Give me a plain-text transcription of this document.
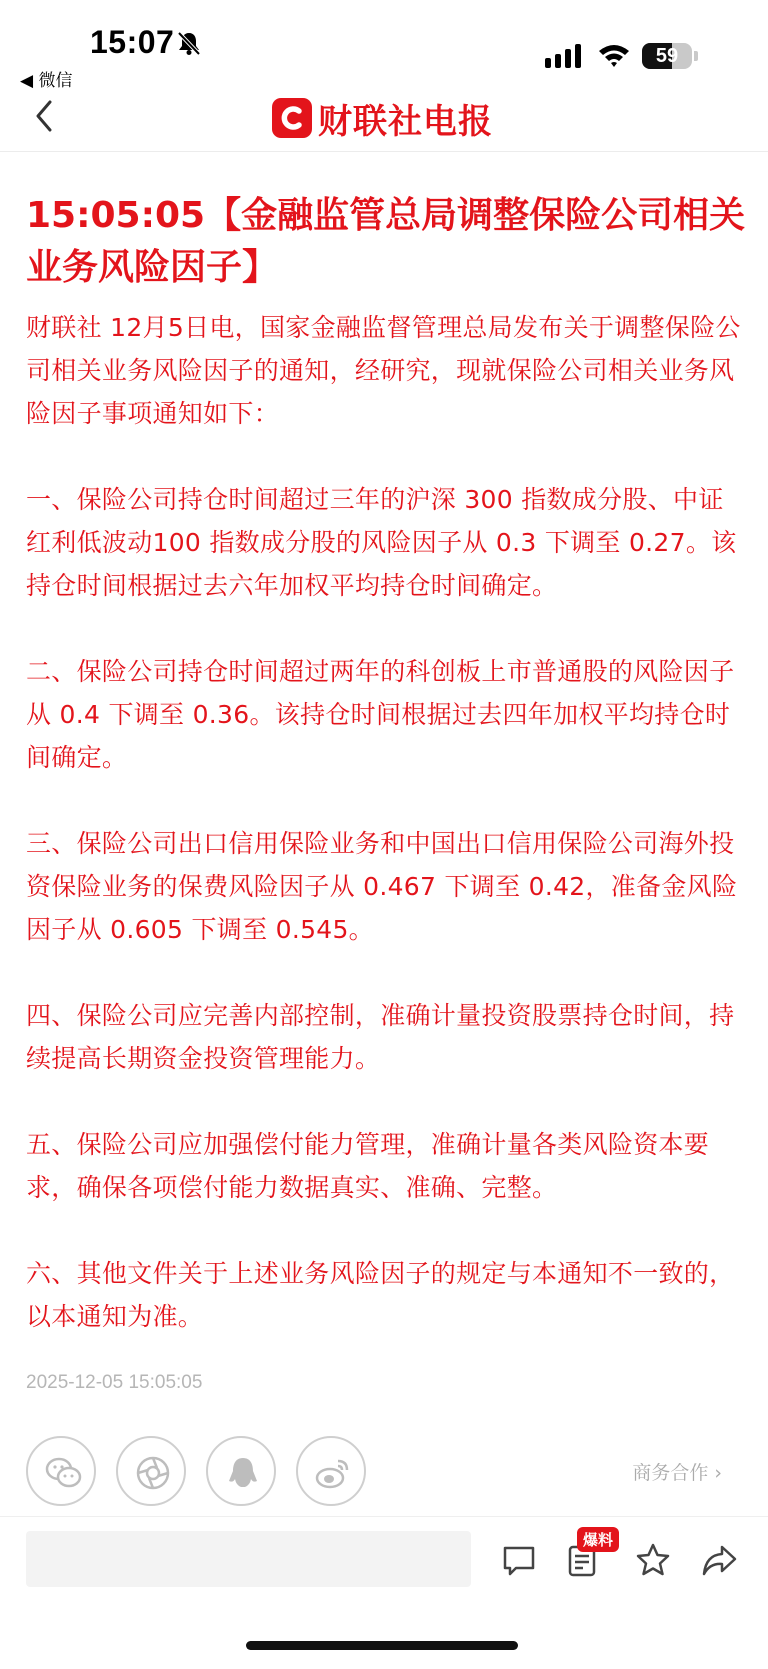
15:07
◀ 微信
59
财联社电报
15:05:05【金融监管总局调整保险公司相关业务风险因子】

财联社 12月5日电，国家金融监督管理总局发布关于调整保险公司相关业务风险因子的通知，经研究，现就保险公司相关业务风险因子事项通知如下：

一、保险公司持仓时间超过三年的沪深 300 指数成分股、中证红利低波动100 指数成分股的风险因子从 0.3 下调至 0.27。该持仓时间根据过去六年加权平均持仓时间确定。

二、保险公司持仓时间超过两年的科创板上市普通股的风险因子从 0.4 下调至 0.36。该持仓时间根据过去四年加权平均持仓时间确定。

三、保险公司出口信用保险业务和中国出口信用保险公司海外投资保险业务的保费风险因子从 0.467 下调至 0.42，准备金风险因子从 0.605 下调至 0.545。

四、保险公司应完善内部控制，准确计量投资股票持仓时间，持续提高长期资金投资管理能力。

五、保险公司应加强偿付能力管理，准确计量各类风险资本要求，确保各项偿付能力数据真实、准确、完整。

六、其他文件关于上述业务风险因子的规定与本通知不一致的，以本通知为准。

2025-12-05 15:05:05
商务合作 ›
爆料
